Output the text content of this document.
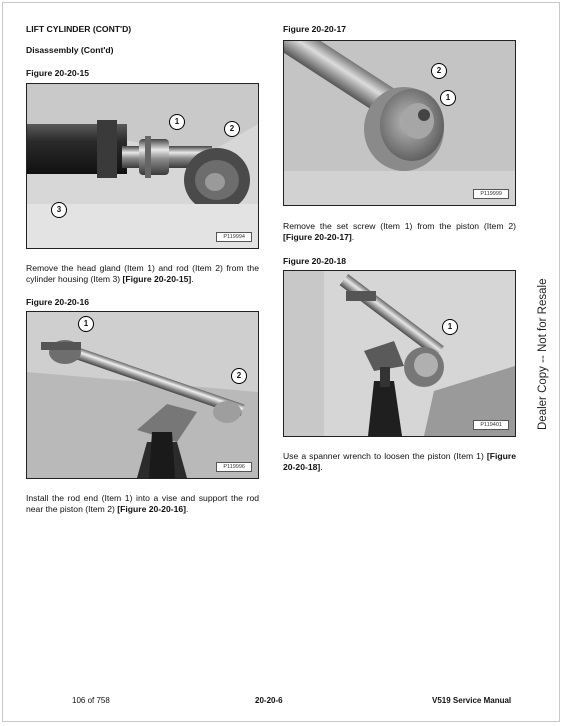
LIFT CYLINDER (CONT'D)
Disassembly (Cont'd)
Figure 20-20-15
1
2
3
P119994
Remove the head gland (Item 1) and rod (Item 2) from the cylinder housing (Item 3) [Figure 20-20-15].
Figure 20-20-16
1
2
P119996
Install the rod end (Item 1) into a vise and support the rod near the piston (Item 2) [Figure 20-20-16].
Figure 20-20-17
2
1
P119999
Remove the set screw (Item 1) from the piston (Item 2) [Figure 20-20-17].
Figure 20-20-18
1
P119401
Use a spanner wrench to loosen the piston (Item 1) [Figure 20-20-18].
Dealer Copy -- Not for Resale
106 of 758	20-20-6	V519 Service Manual
